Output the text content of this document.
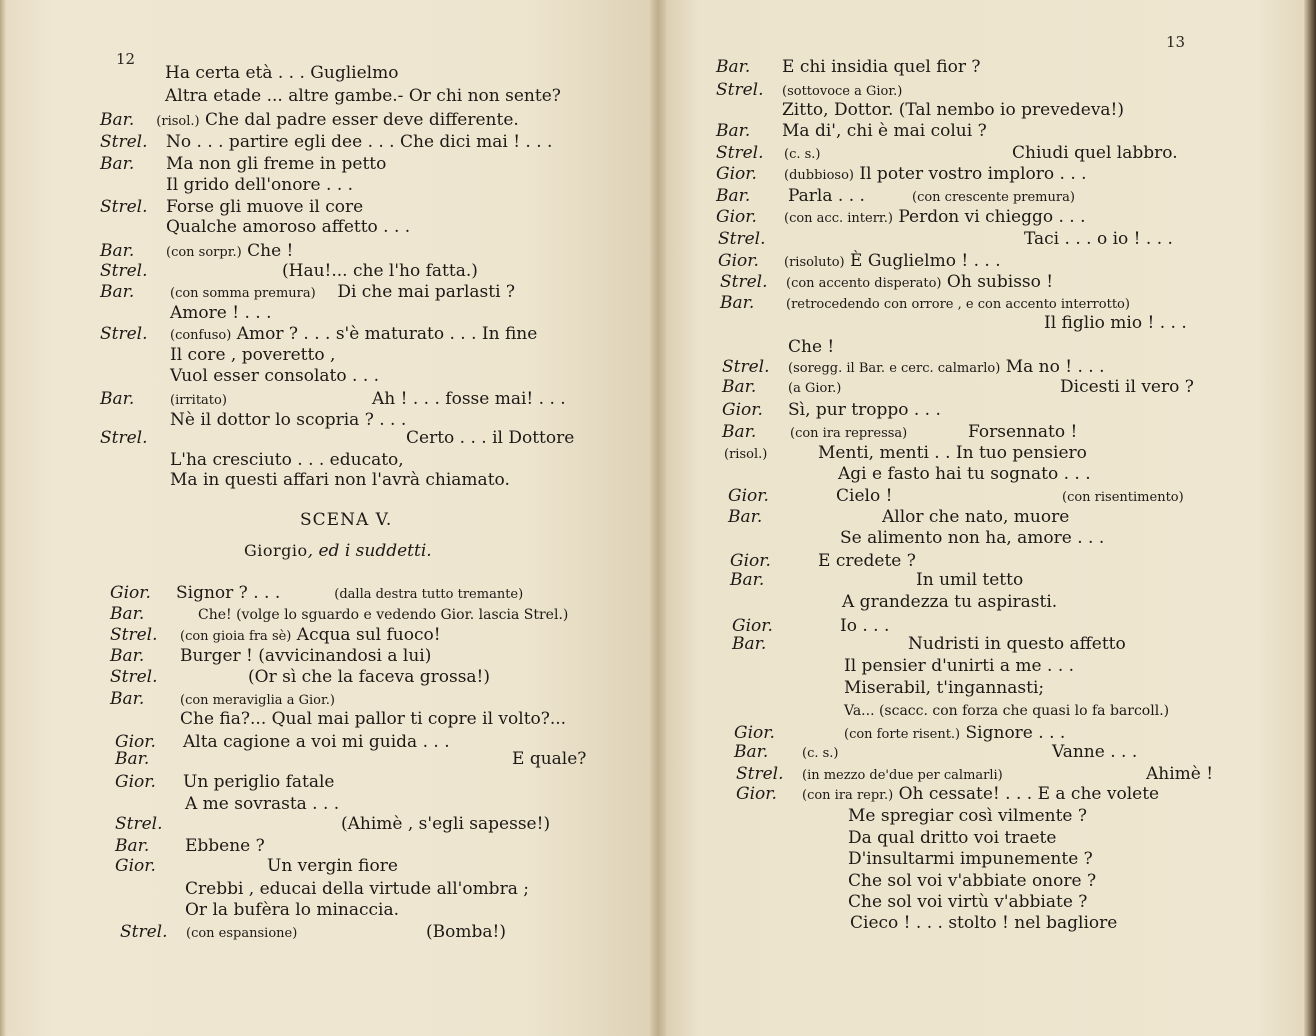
12
Ha certa età . . . Guglielmo
Altra etade ... altre gambe.- Or chi non sente?
Bar. (risol.) Che dal padre esser deve differente.
Strel. No . . . partire egli dee . . . Che dici mai ! . . .
Bar. Ma non gli freme in petto
Il grido dell'onore . . .
Strel. Forse gli muove il core
Qualche amoroso affetto . . .
Bar. (con sorpr.) Che !
Strel.	(Hau!... che l'ho fatta.)
Bar.	(con somma premura) Di che mai parlasti ?
Amore ! . . .
Strel. (confuso) Amor ? . . . s'è maturato . . . In fine
Il core , poveretto ,
Vuol esser consolato . . .
Bar.	(irritato)	Ah ! . . . fosse mai! . . .
Nè il dottor lo scopria ? . . .
Strel.	Certo . . . il Dottore
L'ha cresciuto . . . educato,
Ma in questi affari non l'avrà chiamato.
SCENA V.
Giorgio, ed i suddetti.
Gior. Signor ? . . .	(dalla destra tutto tremante)
Bar.	Che! (volge lo sguardo e vedendo Gior. lascia Strel.)
Strel. (con gioia fra sè) Acqua sul fuoco!
Bar. Burger ! (avvicinandosi a lui)
Strel.	(Or sì che la faceva grossa!)
Bar.	(con meraviglia a Gior.)
Che fia?... Qual mai pallor ti copre il volto?...
Gior. Alta cagione a voi mi guida . . .
Bar.	E quale?
Gior. Un periglio fatale
A me sovrasta . . .
Strel.	(Ahimè , s'egli sapesse!)
Bar. Ebbene ?
Gior.	Un vergin fiore
Crebbi , educai della virtude all'ombra ;
Or la bufèra lo minaccia.
Strel. (con espansione)	(Bomba!)
13
Bar. E chi insidia quel fior ?
Strel. (sottovoce a Gior.)
Zitto, Dottor. (Tal nembo io prevedeva!)
Bar. Ma di', chi è mai colui ?
Strel. (c. s.)	Chiudi quel labbro.
Gior. (dubbioso) Il poter vostro imploro . . .
Bar. Parla . . .	(con crescente premura)
Gior. (con acc. interr.) Perdon vi chieggo . . .
Strel.	Taci . . . o io ! . . .
Gior. (risoluto) È Guglielmo ! . . .
Strel. (con accento disperato) Oh subisso !
Bar. (retrocedendo con orrore , e con accento interrotto)
Il figlio mio ! . . .
Che !
Strel. (soregg. il Bar. e cerc. calmarlo) Ma no ! . . .
Bar. (a Gior.)	Dicesti il vero ?
Gior. Sì, pur troppo . . .
Bar.	(con ira repressa)	Forsennato !
(risol.)	Menti, menti . . In tuo pensiero
Agi e fasto hai tu sognato . . .
Gior.	Cielo !	(con risentimento)
Bar.	Allor che nato, muore
Se alimento non ha, amore . . .
Gior.	E credete ?
Bar.	In umil tetto
A grandezza tu aspirasti.
Gior.	Io . . .
Bar.	Nudristi in questo affetto
Il pensier d'unirti a me . . .
Miserabil, t'ingannasti;
Va... (scacc. con forza che quasi lo fa barcoll.)
Gior.	(con forte risent.) Signore . . .
Bar.	(c. s.)	Vanne . . .
Strel. (in mezzo de'due per calmarli)	Ahimè !
Gior. (con ira repr.) Oh cessate! . . . E a che volete
Me spregiar così vilmente ?
Da qual dritto voi traete
D'insultarmi impunemente ?
Che sol voi v'abbiate onore ?
Che sol voi virtù v'abbiate ?
Cieco ! . . . stolto ! nel bagliore
